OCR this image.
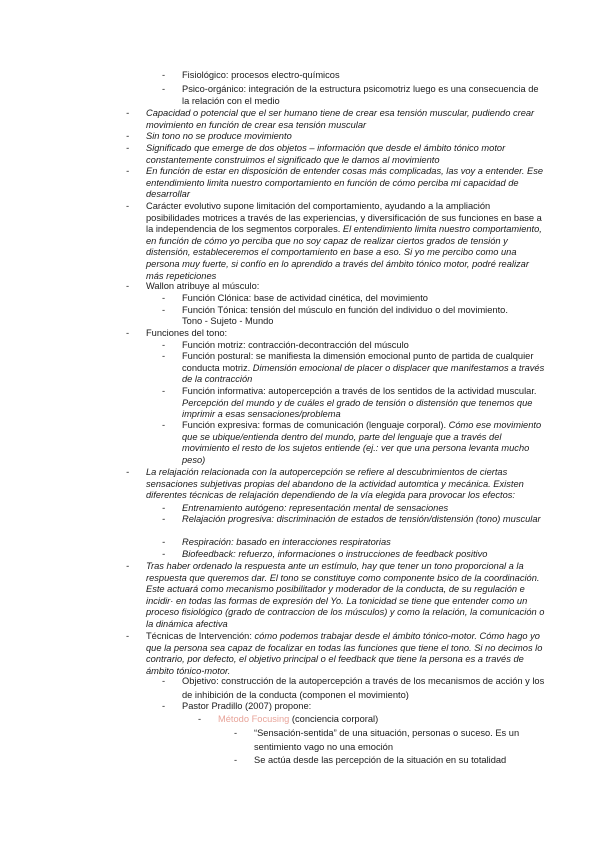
- Fisiológico: procesos electro-químicos
- Psico-orgánico: integración de la estructura psicomotriz luego es una consecuencia de la relación con el medio
- Capacidad o potencial que el ser humano tiene de crear esa tensión muscular, pudiendo crear movimiento en función de crear esa tensión muscular
- Sin tono no se produce movimiento
- Significado que emerge de dos objetos – información que desde el ámbito tónico motor constantemente construimos el significado que le damos al movimiento
- En función de estar en disposición de entender cosas más complicadas, las voy a entender. Ese entendimiento limita nuestro comportamiento en función de cómo perciba mi capacidad de desarrollar
- Carácter evolutivo supone limitación del comportamiento, ayudando a la ampliación posibilidades motrices a través de las experiencias, y diversificación de sus funciones en base a la independencia de los segmentos corporales. El entendimiento limita nuestro comportamiento, en función de cómo yo perciba que no soy capaz de realizar ciertos grados de tensión y distensión, estableceremos el comportamiento en base a eso. Si yo me percibo como una persona muy fuerte, si confío en lo aprendido a través del ámbito tónico motor, podré realizar más repeticiones
- Wallon atribuye al músculo:
- Función Clónica: base de actividad cinética, del movimiento
- Función Tónica: tensión del músculo en función del individuo o del movimiento.
Tono - Sujeto - Mundo
- Funciones del tono:
- Función motriz: contracción-decontracción del músculo
- Función postural: se manifiesta la dimensión emocional punto de partida de cualquier conducta motriz. Dimensión emocional de placer o displacer que manifestamos a través de la contracción
- Función informativa: autopercepción a través de los sentidos de la actividad muscular. Percepción del mundo y de cuáles el grado de tensión o distensión que tenemos que imprimir a esas sensaciones/problema
- Función expresiva: formas de comunicación (lenguaje corporal). Cómo ese movimiento que se ubique/entienda dentro del mundo, parte del lenguaje que a través del movimiento el resto de los sujetos entiende (ej.: ver que una persona levanta mucho peso)
- La relajación relacionada con la autopercepción se refiere al descubrimientos de ciertas sensaciones subjetivas propias del abandono de la actividad automtica y mecánica. Existen diferentes técnicas de relajación dependiendo de la vía elegida para provocar los efectos:
- Entrenamiento autógeno: representación mental de sensaciones
- Relajación progresiva: discriminación de estados de tensión/distensión (tono) muscular
- Respiración: basado en interacciones respiratorias
- Biofeedback: refuerzo, informaciones o instrucciones de feedback positivo
- Tras haber ordenado la respuesta ante un estímulo, hay que tener un tono proporcional a la respuesta que queremos dar. El tono se constituye como componente bsico de la coordinación. Este actuará como mecanismo posibilitador y moderador de la conducta, de su regulación e incidir· en todas las formas de expresión del Yo. La tonicidad se tiene que entender como un proceso fisiológico (grado de contraccion de los músculos) y como la relación, la comunicación o la dinámica afectiva
- Técnicas de Intervención: cómo podemos trabajar desde el ámbito tónico-motor. Cómo hago yo que la persona sea capaz de focalizar en todas las funciones que tiene el tono. Si no decimos lo contrario, por defecto, el objetivo principal o el feedback que tiene la persona es a través de ámbito tónico-motor.
- Objetivo: construcción de la autopercepción a través de los mecanismos de acción y los de inhibición de la conducta (componen el movimiento)
- Pastor Pradillo (2007) propone:
- Método Focusing (conciencia corporal)
- “Sensación-sentida” de una situación, personas o suceso. Es un sentimiento vago no una emoción
- Se actúa desde las percepción de la situación en su totalidad
